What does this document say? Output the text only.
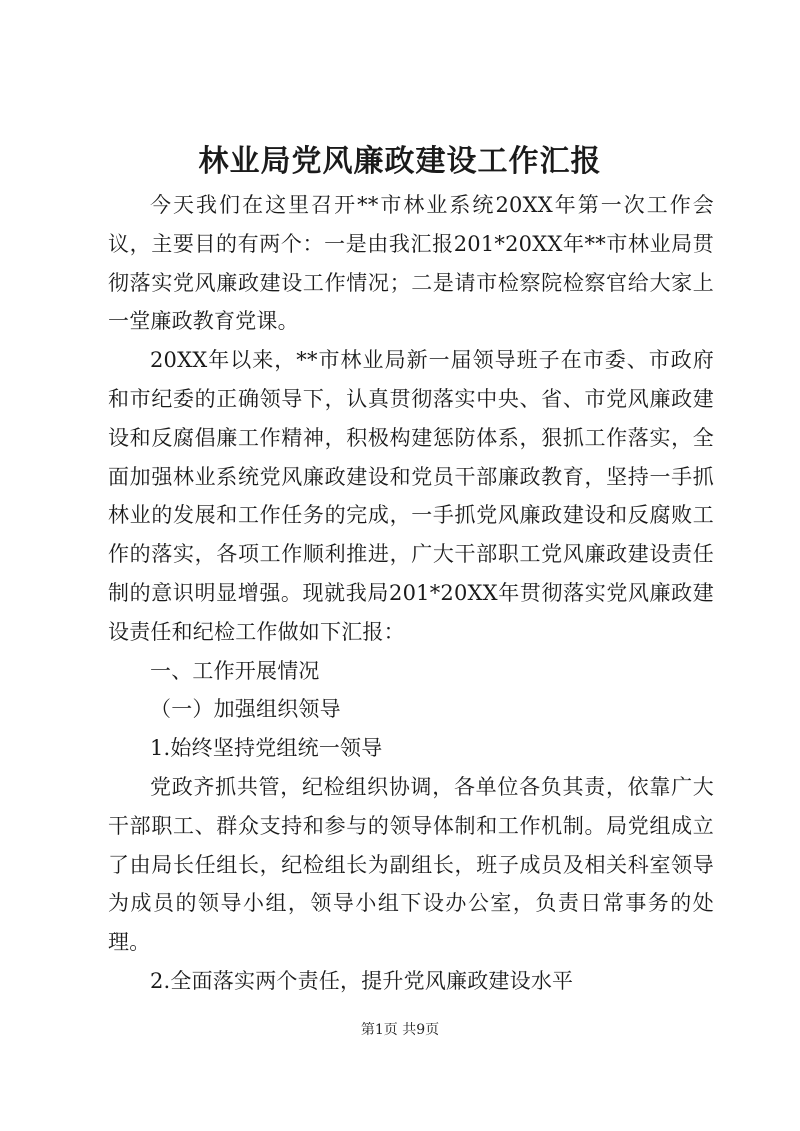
林业局党风廉政建设工作汇报

今天我们在这里召开**市林业系统20XX年第一次工作会议，主要目的有两个：一是由我汇报201*20XX年**市林业局贯彻落实党风廉政建设工作情况；二是请市检察院检察官给大家上一堂廉政教育党课。

20XX年以来，**市林业局新一届领导班子在市委、市政府和市纪委的正确领导下，认真贯彻落实中央、省、市党风廉政建设和反腐倡廉工作精神，积极构建惩防体系，狠抓工作落实，全面加强林业系统党风廉政建设和党员干部廉政教育，坚持一手抓林业的发展和工作任务的完成，一手抓党风廉政建设和反腐败工作的落实，各项工作顺利推进，广大干部职工党风廉政建设责任制的意识明显增强。现就我局201*20XX年贯彻落实党风廉政建设责任和纪检工作做如下汇报：

一、工作开展情况

（一）加强组织领导

1.始终坚持党组统一领导

党政齐抓共管，纪检组织协调，各单位各负其责，依靠广大干部职工、群众支持和参与的领导体制和工作机制。局党组成立了由局长任组长，纪检组长为副组长，班子成员及相关科室领导为成员的领导小组，领导小组下设办公室，负责日常事务的处理。

2.全面落实两个责任，提升党风廉政建设水平

第1页 共9页
